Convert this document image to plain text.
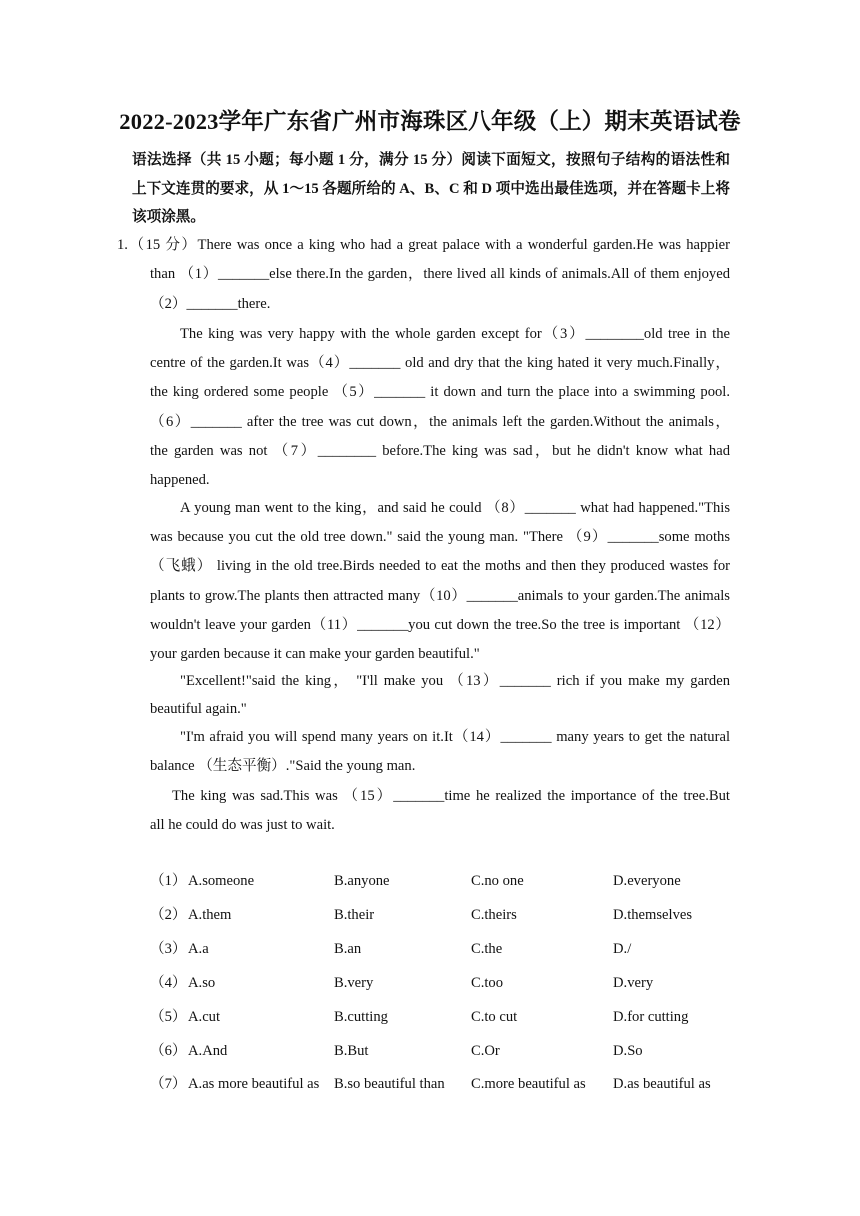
2022-2023学年广东省广州市海珠区八年级（上）期末英语试卷
语法选择（共 15 小题；每小题 1 分，满分 15 分）阅读下面短文，按照句子结构的语法性和上下文连贯的要求，从 1～15 各题所给的 A、B、C 和 D 项中选出最佳选项，并在答题卡上将该项涂黑。
1.（15 分）There was once a king who had a great palace with a wonderful garden.He was happier
than （1）_______else there.In the garden，there lived all kinds of animals.All of them enjoyed
（2）_______there.
The king was very happy with the whole garden except for（3）________old tree in the
centre of the garden.It was（4）_______ old and dry that the king hated it very much.Finally，
the king ordered some people （5）_______ it down and turn the place into a swimming pool.
（6）_______ after the tree was cut down，the animals left the garden.Without the animals，
the garden was not （7）________ before.The king was sad，but he didn't know what had
happened.
A young man went to the king，and said he could （8）_______ what had happened."This
was because you cut the old tree down." said the young man. "There （9）_______some moths
（飞蛾） living in the old tree.Birds needed to eat the moths and then they produced wastes for
plants to grow.The plants then attracted many（10）_______animals to your garden.The animals
wouldn't leave your garden（11）_______you cut down the tree.So the tree is important （12）
your garden because it can make your garden beautiful."
"Excellent!"said the king， "I'll make you （13）_______ rich if you make my garden
beautiful again."
"I'm afraid you will spend many years on it.It（14）_______ many years to get the natural
balance （生态平衡）."Said the young man.
The king was sad.This was （15）_______time he realized the importance of the tree.But
all he could do was just to wait.
（1） A.someone	B.anyone	C.no one	D.everyone
（2） A.them	B.their	C.theirs	D.themselves
（3） A.a	B.an	C.the	D./
（4） A.so	B.very	C.too	D.very
（5） A.cut	B.cutting	C.to cut	D.for cutting
（6） A.And	B.But	C.Or	D.So
（7） A.as more beautiful as B.so beautiful than C.more beautiful as D.as beautiful as
